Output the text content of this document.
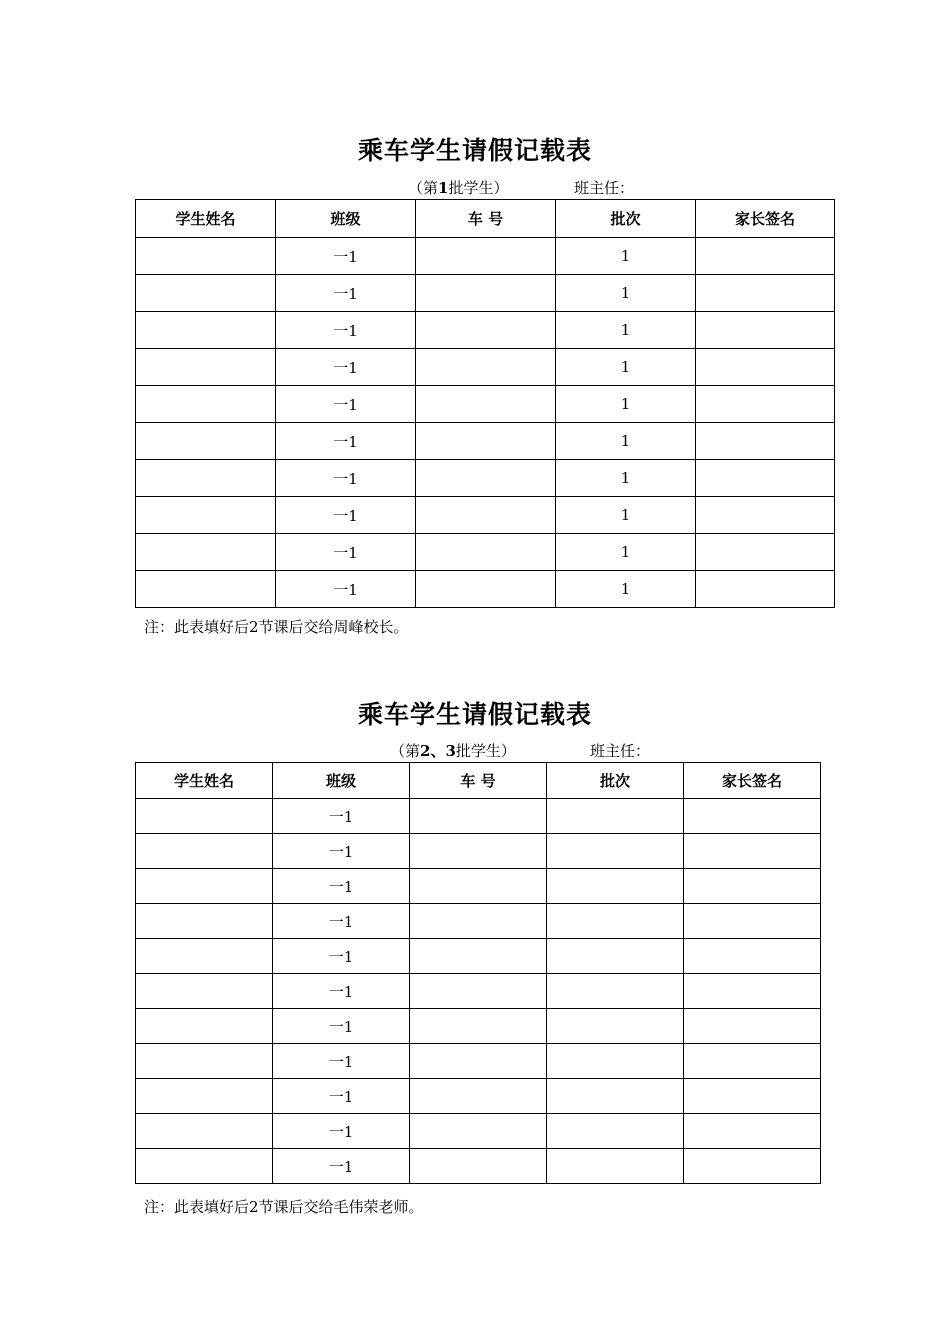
乘车学生请假记载表
（第1批学生）	班主任：
学生姓名	班级	车 号	批次	家长签名
	一1		1	
	一1		1	
	一1		1	
	一1		1	
	一1		1	
	一1		1	
	一1		1	
	一1		1	
	一1		1	
	一1		1	
注：此表填好后2节课后交给周峰校长。
乘车学生请假记载表
（第2、3批学生）	班主任：
学生姓名	班级	车 号	批次	家长签名
	一1			
	一1			
	一1			
	一1			
	一1			
	一1			
	一1			
	一1			
	一1			
	一1			
	一1			
注：此表填好后2节课后交给毛伟荣老师。
